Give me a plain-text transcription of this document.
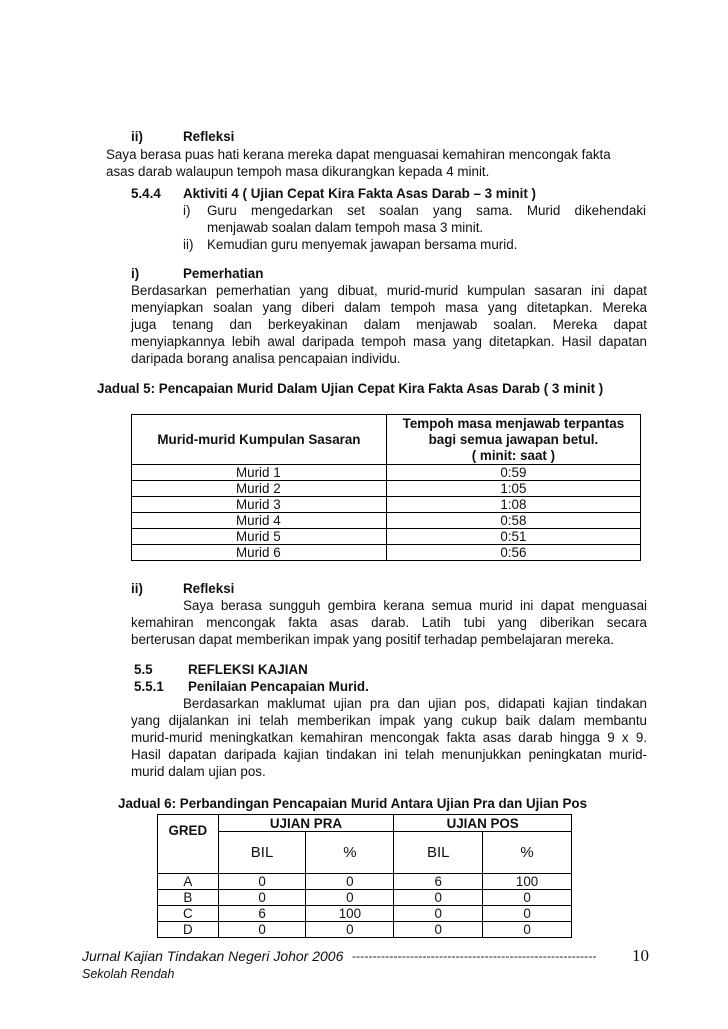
ii)	Refleksi
Saya berasa puas hati kerana mereka dapat menguasai kemahiran mencongak fakta
asas darab walaupun tempoh masa dikurangkan kepada 4 minit.
5.4.4 Aktiviti 4 ( Ujian Cepat Kira Fakta Asas Darab – 3 minit )
i) Guru mengedarkan set soalan yang sama. Murid dikehendaki
menjawab soalan dalam tempoh masa 3 minit.
ii) Kemudian guru menyemak jawapan bersama murid.
i)	Pemerhatian
Berdasarkan pemerhatian yang dibuat, murid-murid kumpulan sasaran ini dapat
menyiapkan soalan yang diberi dalam tempoh masa yang ditetapkan. Mereka
juga tenang dan berkeyakinan dalam menjawab soalan. Mereka dapat
menyiapkannya lebih awal daripada tempoh masa yang ditetapkan. Hasil dapatan
daripada borang analisa pencapaian individu.
Jadual 5: Pencapaian Murid Dalam Ujian Cepat Kira Fakta Asas Darab ( 3 minit )
Murid-murid Kumpulan Sasaran	Tempoh masa menjawab terpantas
bagi semua jawapan betul.
( minit: saat )

Murid 1	0:59
Murid 2	1:05
Murid 3	1:08
Murid 4	0:58
Murid 5	0:51
Murid 6	0:56
ii)	Refleksi
Saya berasa sungguh gembira kerana semua murid ini dapat menguasai
kemahiran mencongak fakta asas darab. Latih tubi yang diberikan secara
berterusan dapat memberikan impak yang positif terhadap pembelajaran mereka.
5.5	REFLEKSI KAJIAN
5.5.1 Penilaian Pencapaian Murid.
Berdasarkan maklumat ujian pra dan ujian pos, didapati kajian tindakan
yang dijalankan ini telah memberikan impak yang cukup baik dalam membantu
murid-murid meningkatkan kemahiran mencongak fakta asas darab hingga 9 x 9.
Hasil dapatan daripada kajian tindakan ini telah menunjukkan peningkatan murid-
murid dalam ujian pos.
Jadual 6: Perbandingan Pencapaian Murid Antara Ujian Pra dan Ujian Pos
GRED	UJIAN PRA		UJIAN POS	
	BIL	%	BIL	%
A	0	0	6	100
B	0	0	0	0
C	6	100	0	0
D	0	0	0	0
Jurnal Kajian Tindakan Negeri Johor 2006 ----------------------------------------------------------- 10
Sekolah Rendah
